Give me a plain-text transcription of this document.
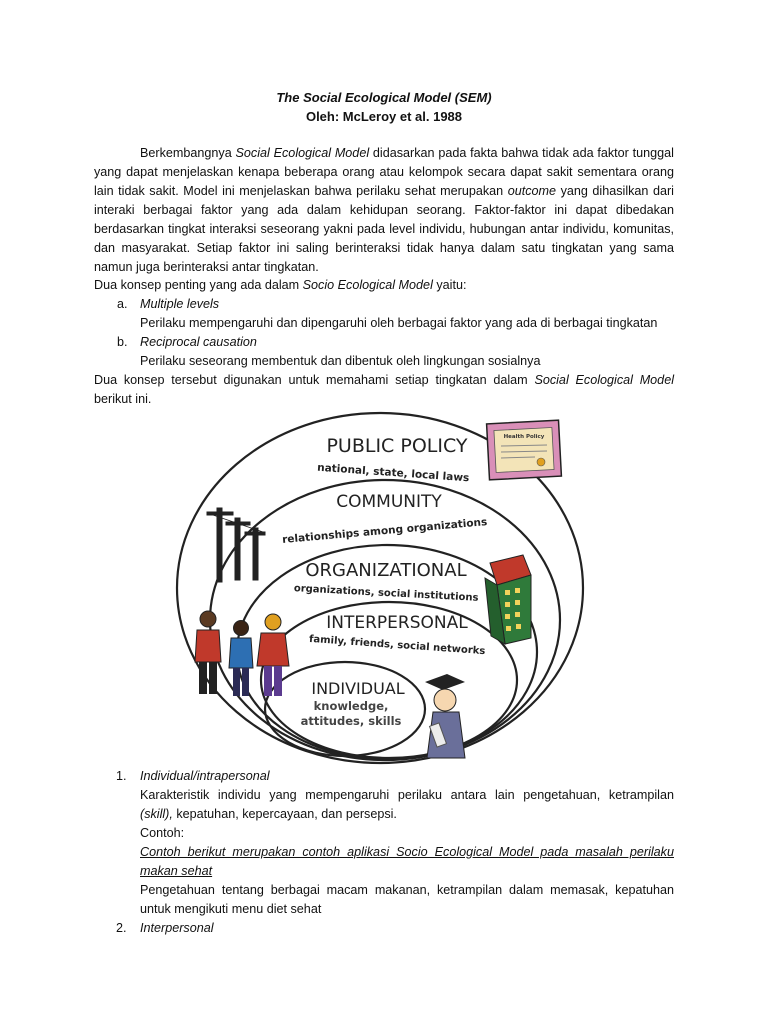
The Social Ecological Model (SEM)
Oleh: McLeroy et al. 1988
Berkembangnya Social Ecological Model didasarkan pada fakta bahwa tidak ada faktor tunggal yang dapat menjelaskan kenapa beberapa orang atau kelompok secara dapat sakit sementara orang lain tidak sakit. Model ini menjelaskan bahwa perilaku sehat merupakan outcome yang dihasilkan dari interaki berbagai faktor yang ada dalam kehidupan seorang. Faktor-faktor ini dapat dibedakan berdasarkan tingkat interaksi seseorang yakni pada level individu, hubungan antar individu, komunitas, dan masyarakat. Setiap faktor ini saling berinteraksi tidak hanya dalam satu tingkatan yang sama namun juga berinteraksi antar tingkatan.
Dua konsep penting yang ada dalam Socio Ecological Model yaitu:
a. Multiple levels
Perilaku mempengaruhi dan dipengaruhi oleh berbagai faktor yang ada di berbagai tingkatan
b. Reciprocal causation
Perilaku seseorang membentuk dan dibentuk oleh lingkungan sosialnya
Dua konsep tersebut digunakan untuk memahami setiap tingkatan dalam Social Ecological Model
berikut ini.
PUBLIC POLICY
national, state, local laws
COMMUNITY
relationships among organizations
ORGANIZATIONAL
organizations, social institutions
INTERPERSONAL
family, friends, social networks
INDIVIDUAL
knowledge,
attitudes, skills
Health Policy
1. Individual/intrapersonal
Karakteristik individu yang mempengaruhi perilaku antara lain pengetahuan, ketrampilan
(skill), kepatuhan, kepercayaan, dan persepsi.
Contoh:
Contoh berikut merupakan contoh aplikasi Socio Ecological Model pada masalah perilaku
makan sehat
Pengetahuan tentang berbagai macam makanan, ketrampilan dalam memasak, kepatuhan
untuk mengikuti menu diet sehat
2. Interpersonal
